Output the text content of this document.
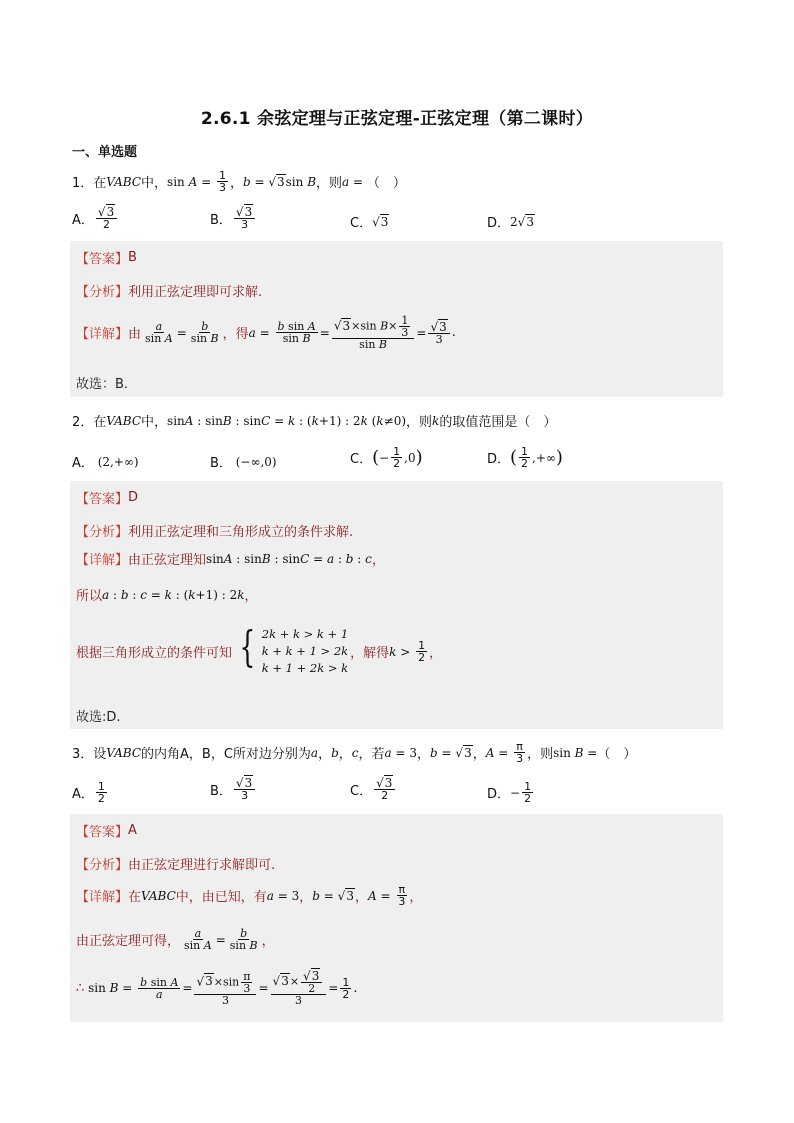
2.6.1 余弦定理与正弦定理-正弦定理（第二课时）
一、单选题
1．在 VABC 中， $\sin A = \frac{1}{3}$ ， b = √3 sin B ，则 a = （　）
A． $\frac{√3}{2}$	B． $\frac{√3}{3}$	C． √3	D． 2 √3
【答案】 B
【分析】 利用正弦定理即可求解.
【详解】 由 $\frac{a}{\text{sin A}} = \frac{b}{\text{sin B}}$ ，得 $a = \frac{\text{b sin A}}{\text{sin B}} = \frac{√3\times\sin B\times \frac{1}{3}}{\text{sin B}} = \frac{√3}{3}$ .
故选：B.
2．在 VABC 中， sinA : sinB : sinC = k : (k+1) : 2k (k≠0) ，则 k 的取值范围是（　）
A． (2,+∞)	B． (−∞,0)	C． ( − $\frac{1}{2} ,0$ )	D． ( $\frac{1}{2}$ ,+∞ )
【答案】 D
【分析】 利用正弦定理和三角形成立的条件求解.
【详解】 由正弦定理知 sinA : sinB : sinC = a : b : c ，
所以 a : b : c = k : (k+1) : 2k ，
根据三角形成立的条件可知 { 2k + k > k + 1
k + k + 1 > 2k
k + 1 + 2k > k
，解得 $k > \frac{1}{2}$ ，
故选:D.
3．设 VABC 的内角A，B，C所对边分别为 a ， b ， c ，若 a = 3 ， b = √3 ， $A = \frac{\pi}{3}$ ，则 sin B = （　）
A． $\frac{1}{2}$	B． $\frac{√3}{3}$	C． $\frac{√3}{2}$	D． − $\frac{1}{2}$
【答案】 A
【分析】 由正弦定理进行求解即可.
【详解】 在 VABC 中，由已知，有 a = 3 ， b = √3 ， $A = \frac{\pi}{3}$ ，
由正弦定理可得， $\frac{a}{\text{sin A}} = \frac{b}{\text{sin B}}$ ，
∴ $\sin B = \frac{\text{b sin A}}{a} = \frac{√3\times\sin \frac{\pi}{3}}{3} = \frac{√3\times \frac{√3}{2}}{3} = \frac{1}{2}$ .
